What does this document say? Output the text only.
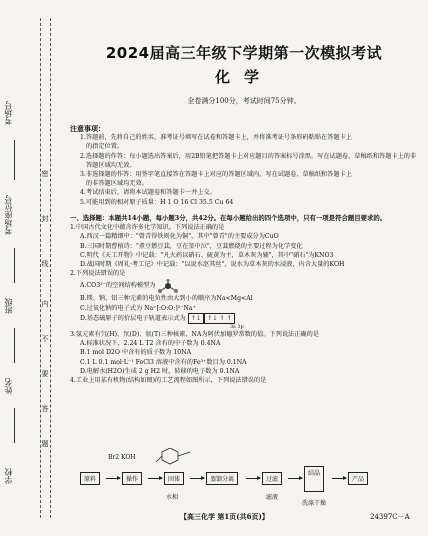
考场号
考场座位号
班级
姓名
学校
密
封
线
内
不
要
答
题
2024届高三年级下学期第一次模拟考试
化学
全卷满分100分，考试时间75分钟。

注意事项：

1.答题前，先将自己的姓名、准考证号填写在试卷和答题卡上，并将准考证号条形码粘贴在答题卡上

的指定位置。

2.选择题的作答：每小题选出答案后，用2B铅笔把答题卡上对应题目的答案标号涂黑。写在试题卷、草稿纸和答题卡上的非

答题区域均无效。

3.非选择题的作答：用签字笔直接答在答题卡上对应的答题区域内。写在试题卷、草稿纸和答题卡上

的非答题区域均无效。

4.考试结束后，请将本试题卷和答题卡一并上交。

5.可能用到的相对原子质量：H 1 O 16 Cl 35.5 Cu 64

一、选择题：本题共14小题，每小题3分，共42分。在每小题给出的四个选项中，只有一项是符合题目要求的。

1.中国古代文化中蕴含许多化学知识。下列说法正确的是

A.西汉一篇精细中："曾青得铁则化为铜"，其中"曾青"的主要成分为CuO

B.三国时期曹植诗："煮豆燃豆萁，豆在釜中泣"，豆萁燃烧的主要过程为化学变化

C.明代《天工开物》中记载："凡火药以硝石、硫黄为主，草木灰为辅"，其中"硝石"为KNO3

D.战国时期《周礼·考工记》中记载："以说水沤其丝"，说水为草木灰的水浸液，内含大量的KOH

2.下列说法错误的是

A.CO3²⁻的空间结构模型为

B.镁、钠、铝三种元素的电负性由大到小的顺序为Na<Mg<Al

C.过氧化钠的电子式为 Na⁺[:O:O:]²⁻Na⁺

D.基态硫原子的价层电子轨道表示式为 ↑↓ ↑↓ ↑ ↑

3s 3p

3.氢元素有氕(H)、氘(D)、氚(T)三种核素，NA为阿伏加德罗常数的值。下列说法正确的是

A.标准状况下，2.24 L T2 含有的中子数为 0.4NA

B.1 mol D2O 中含有的质子数为 10NA

C.1 L 0.1 mol·L⁻¹ FeCl3 溶液中含有的Fe³⁺数目为 0.1NA

D.电解水(H2O)生成 2 g H2 时，转移的电子数为 0.1NA

4.工业上用某有机物(结构如图)的工艺流程如图所示，下列说法错误的是

Br2 KOH
原料	操作	固体	蒸馏分离	过滤
结晶
产品
水相	滤液
洗涤干燥
【高三化学 第1页(共6页)】	24397C－A
